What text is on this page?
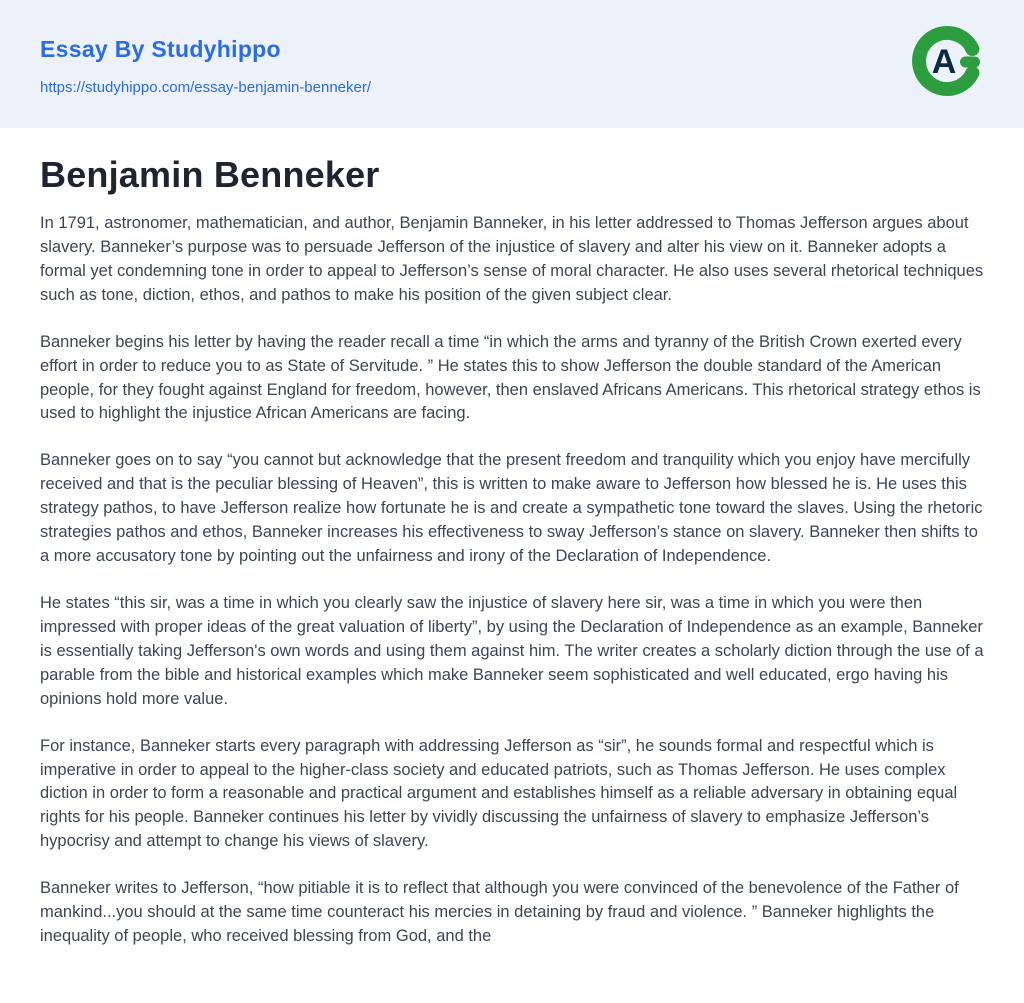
Essay By Studyhippo
https://studyhippo.com/essay-benjamin-benneker/
A
Benjamin Benneker

In 1791, astronomer, mathematician, and author, Benjamin Banneker, in his letter addressed to Thomas Jefferson argues about slavery. Banneker’s purpose was to persuade Jefferson of the injustice of slavery and alter his view on it. Banneker adopts a formal yet condemning tone in order to appeal to Jefferson’s sense of moral character. He also uses several rhetorical techniques such as tone, diction, ethos, and pathos to make his position of the given subject clear.

Banneker begins his letter by having the reader recall a time “in which the arms and tyranny of the British Crown exerted every effort in order to reduce you to as State of Servitude. ” He states this to show Jefferson the double standard of the American people, for they fought against England for freedom, however, then enslaved Africans Americans. This rhetorical strategy ethos is used to highlight the injustice African Americans are facing.

Banneker goes on to say “you cannot but acknowledge that the present freedom and tranquility which you enjoy have mercifully received and that is the peculiar blessing of Heaven”, this is written to make aware to Jefferson how blessed he is. He uses this strategy pathos, to have Jefferson realize how fortunate he is and create a sympathetic tone toward the slaves. Using the rhetoric strategies pathos and ethos, Banneker increases his effectiveness to sway Jefferson’s stance on slavery. Banneker then shifts to a more accusatory tone by pointing out the unfairness and irony of the Declaration of Independence.

He states “this sir, was a time in which you clearly saw the injustice of slavery here sir, was a time in which you were then impressed with proper ideas of the great valuation of liberty”, by using the Declaration of Independence as an example, Banneker is essentially taking Jefferson's own words and using them against him. The writer creates a scholarly diction through the use of a parable from the bible and historical examples which make Banneker seem sophisticated and well educated, ergo having his opinions hold more value.

For instance, Banneker starts every paragraph with addressing Jefferson as “sir”, he sounds formal and respectful which is imperative in order to appeal to the higher-class society and educated patriots, such as Thomas Jefferson. He uses complex diction in order to form a reasonable and practical argument and establishes himself as a reliable adversary in obtaining equal rights for his people. Banneker continues his letter by vividly discussing the unfairness of slavery to emphasize Jefferson’s hypocrisy and attempt to change his views of slavery.

Banneker writes to Jefferson, “how pitiable it is to reflect that although you were convinced of the benevolence of the Father of mankind...you should at the same time counteract his mercies in detaining by fraud and violence. ” Banneker highlights the inequality of people, who received blessing from God, and the
